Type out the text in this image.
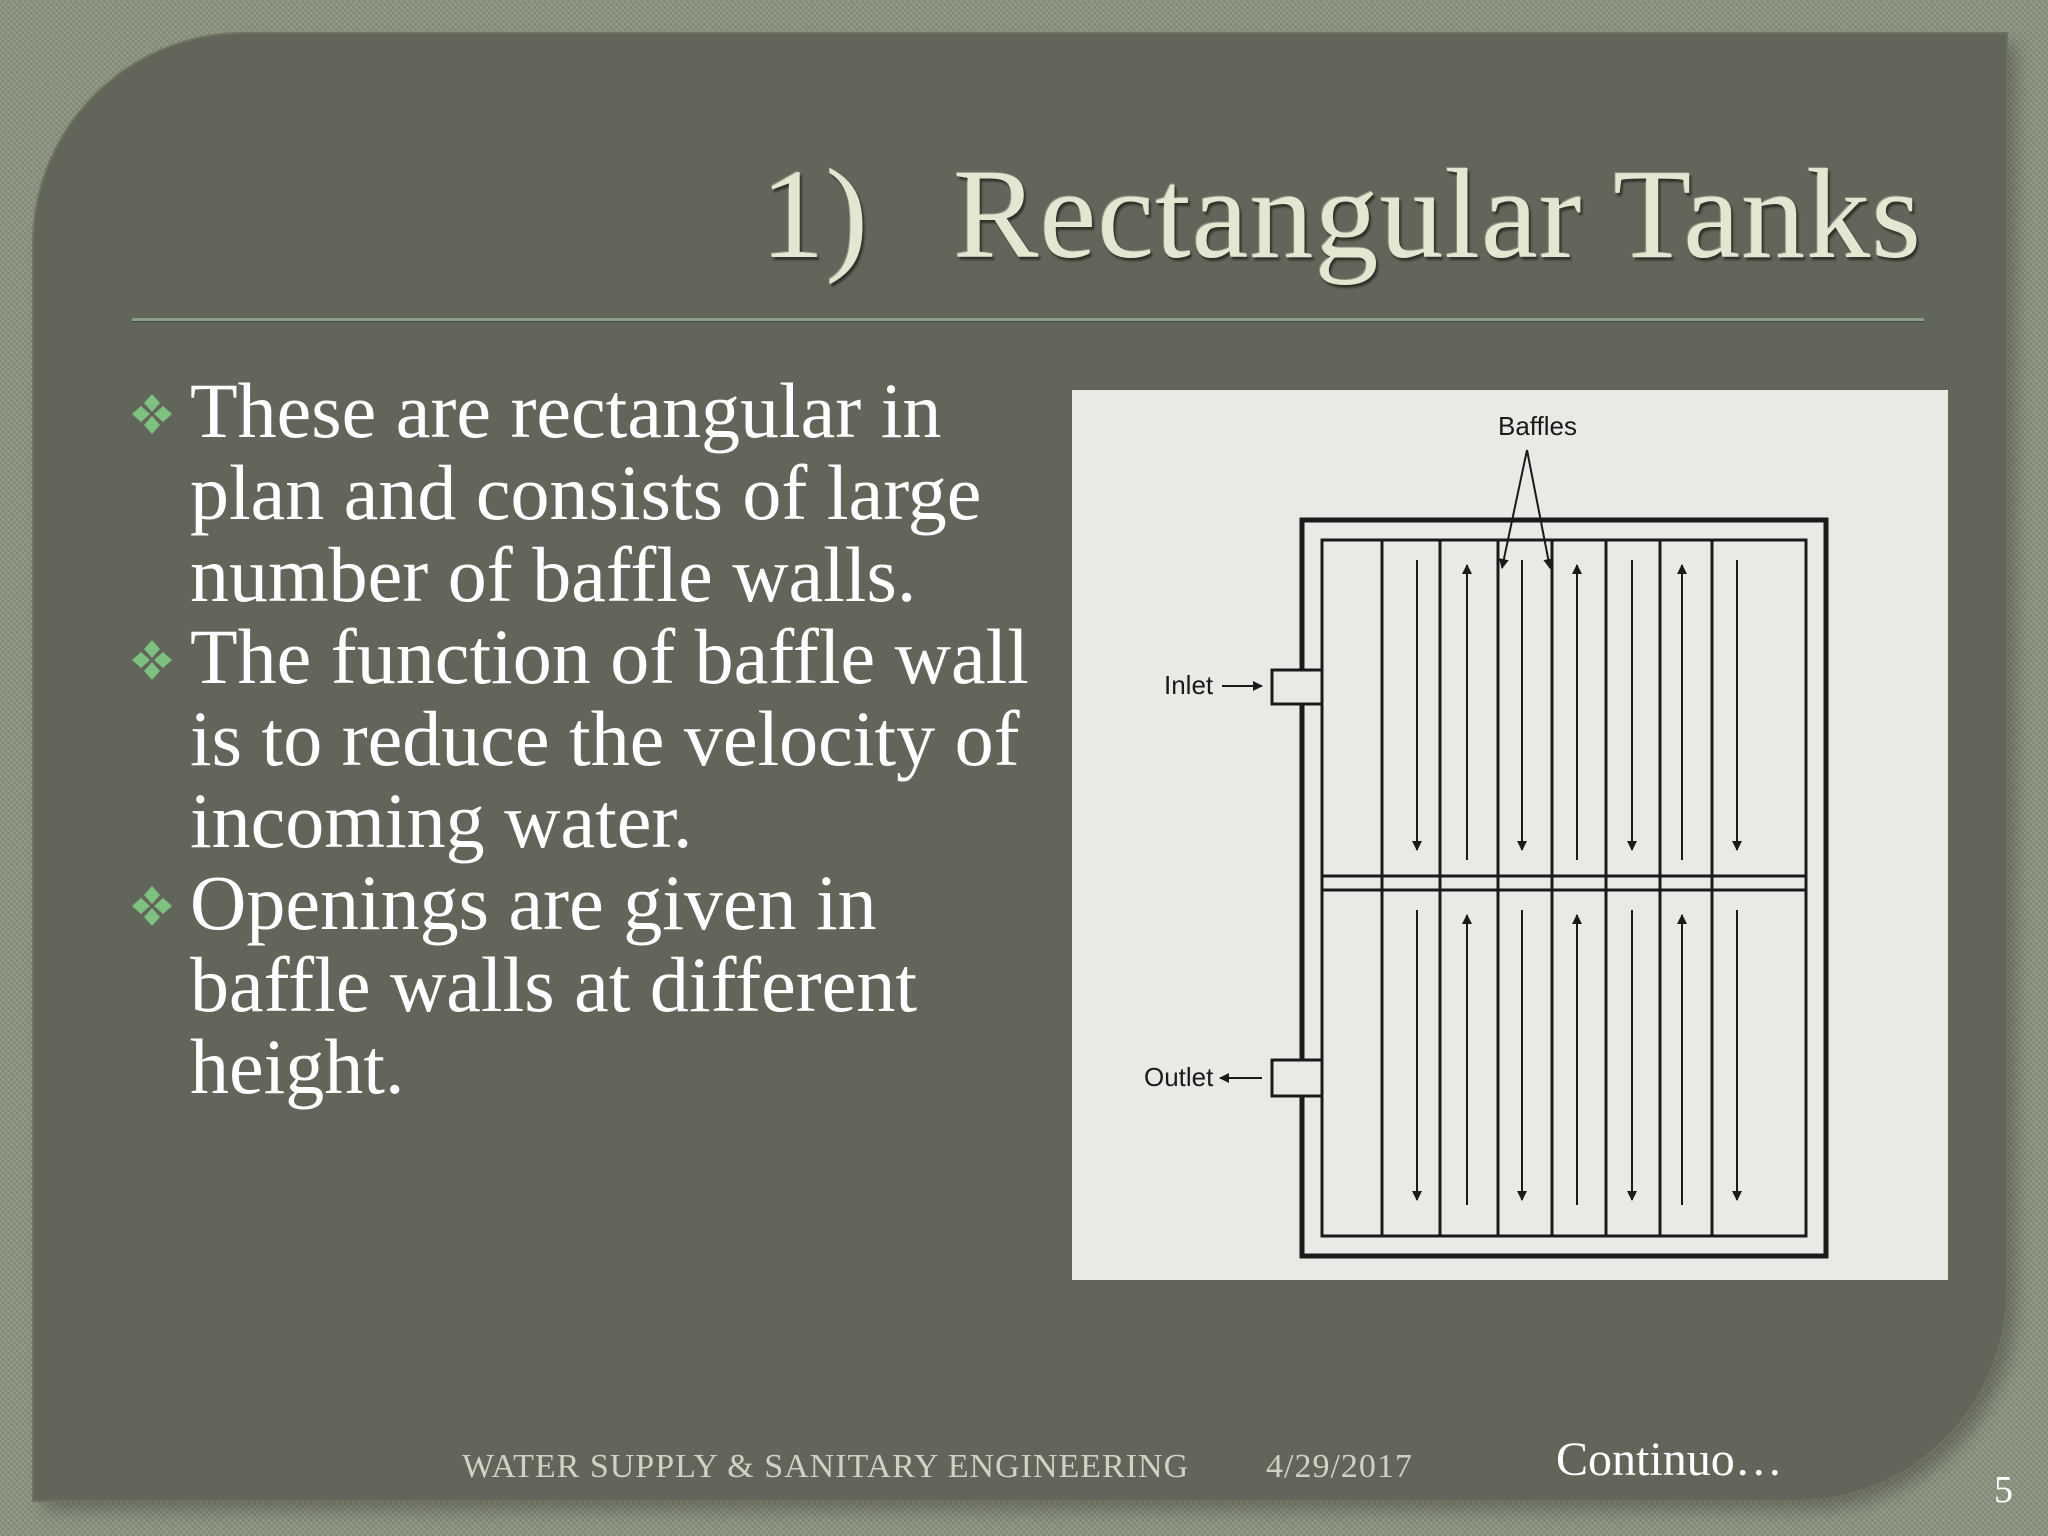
1) Rectangular Tanks
These are rectangular in plan and consists of large number of baffle walls.
The function of baffle wall is to reduce the velocity of incoming water.
Openings are given in baffle walls at different height.
Baffles
Inlet
Outlet
WATER SUPPLY & SANITARY ENGINEERING 4/29/2017	Continuo…
5
